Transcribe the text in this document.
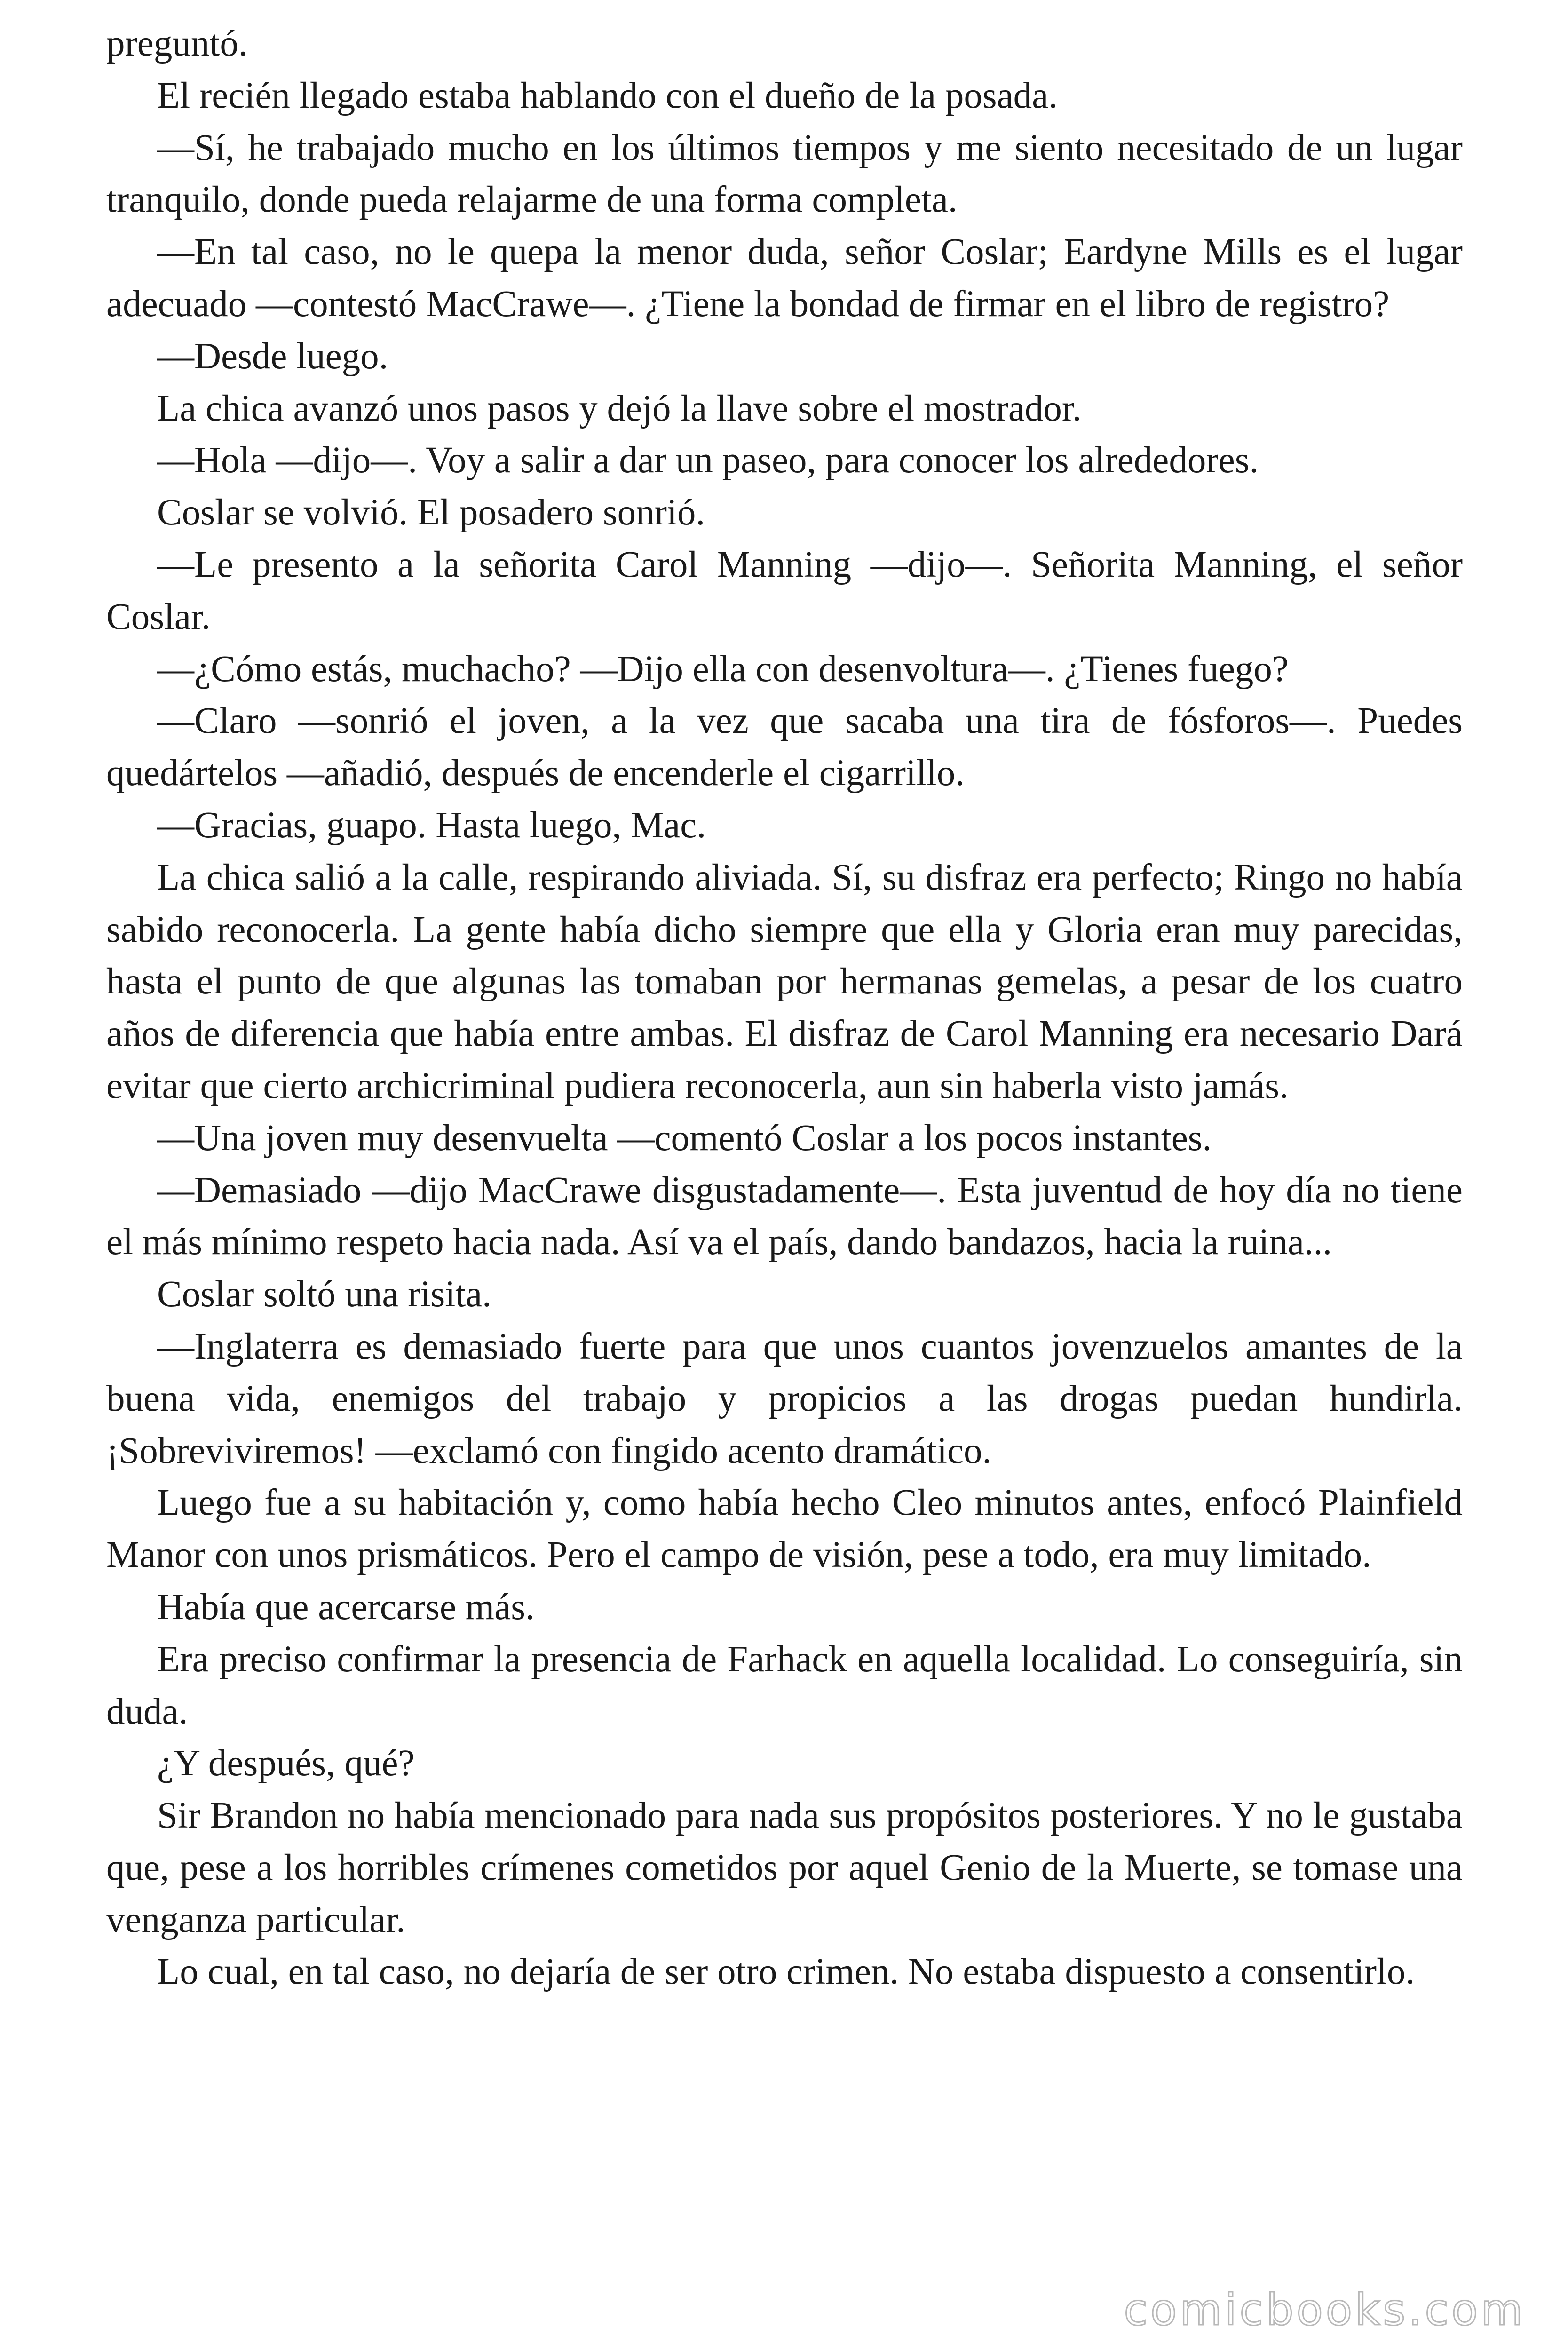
preguntó.

El recién llegado estaba hablando con el dueño de la posada.

—Sí, he trabajado mucho en los últimos tiempos y me siento necesitado de un lugar tranquilo, donde pueda relajarme de una forma completa.

—En tal caso, no le quepa la menor duda, señor Coslar; Eardyne Mills es el lugar adecuado —contestó MacCrawe—. ¿Tiene la bondad de firmar en el libro de registro?

—Desde luego.

La chica avanzó unos pasos y dejó la llave sobre el mostrador.

—Hola —dijo—. Voy a salir a dar un paseo, para conocer los alrededores.

Coslar se volvió. El posadero sonrió.

—Le presento a la señorita Carol Manning —dijo—. Señorita Manning, el señor Coslar.

—¿Cómo estás, muchacho? —Dijo ella con desenvoltura—. ¿Tienes fuego?

—Claro —sonrió el joven, a la vez que sacaba una tira de fósforos—. Puedes quedártelos —añadió, después de encenderle el cigarrillo.

—Gracias, guapo. Hasta luego, Mac.

La chica salió a la calle, respirando aliviada. Sí, su disfraz era perfecto; Ringo no había sabido reconocerla. La gente había dicho siempre que ella y Gloria eran muy parecidas, hasta el punto de que algunas las tomaban por hermanas gemelas, a pesar de los cuatro años de diferencia que había entre ambas. El disfraz de Carol Manning era necesario Dará evitar que cierto archicriminal pudiera reconocerla, aun sin haberla visto jamás.

—Una joven muy desenvuelta —comentó Coslar a los pocos instantes.

—Demasiado —dijo MacCrawe disgustadamente—. Esta juventud de hoy día no tiene el más mínimo respeto hacia nada. Así va el país, dando bandazos, hacia la ruina...

Coslar soltó una risita.

—Inglaterra es demasiado fuerte para que unos cuantos jovenzuelos amantes de la buena vida, enemigos del trabajo y propicios a las drogas puedan hundirla. ¡Sobreviviremos! —exclamó con fingido acento dramático.

Luego fue a su habitación y, como había hecho Cleo minutos antes, enfocó Plainfield Manor con unos prismáticos. Pero el campo de visión, pese a todo, era muy limitado.

Había que acercarse más.

Era preciso confirmar la presencia de Farhack en aquella localidad. Lo conseguiría, sin duda.

¿Y después, qué?

Sir Brandon no había mencionado para nada sus propósitos posteriores. Y no le gustaba que, pese a los horribles crímenes cometidos por aquel Genio de la Muerte, se tomase una venganza particular.

Lo cual, en tal caso, no dejaría de ser otro crimen. No estaba dispuesto a consentirlo.

comicbooks.com
